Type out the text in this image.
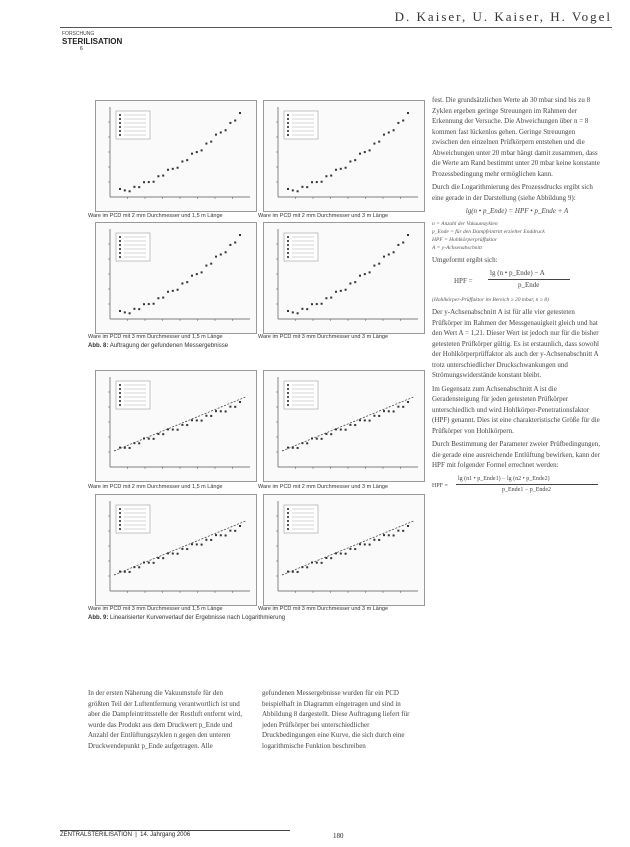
D. Kaiser, U. Kaiser, H. Vogel
FORSCHUNG
STERILISATION
6
Ware im PCD mit 2 mm Durchmesser und 1,5 m Länge	Ware im PCD mit 2 mm Durchmesser und 3 m Länge
Ware im PCD mit 3 mm Durchmesser und 1,5 m Länge	Ware im PCD mit 3 mm Durchmesser und 3 m Länge
Abb. 8: Auftragung der gefundenen Messergebnisse
Ware im PCD mit 2 mm Durchmesser und 1,5 m Länge	Ware im PCD mit 2 mm Durchmesser und 3 m Länge
Ware im PCD mit 3 mm Durchmesser und 1,5 m Länge	Ware im PCD mit 3 mm Durchmesser und 3 m Länge
Abb. 9: Linearisierter Kurvenverlauf der Ergebnisse nach Logarithmierung

fest. Die grundsätzlichen Werte ab 30 mbar sind bis zu 8 Zyklen ergeben geringe Streuungen im Rahmen der Erkennung der Versuche. Die Abweichungen über n = 8 kommen fast lückenlos gehen. Geringe Streuungen zwischen den einzelnen Prüfkörpern entstehen und die Abweichungen unter 20 mbar hängt damit zusammen, dass die Werte am Rand bestimmt unter 20 mbar keine konstante Prozessbedingung mehr ermöglichen kann.

Durch die Logarithmierung des Prozessdrucks ergibt sich eine gerade in der Darstellung (siehe Abbildung 9):

lg(n • p_Ende) = HPF • p_Ende + A

n = Anzahl der Vakuumzyklen
p_Ende = für den Dampfeintritt erzielter Enddruck
HPF = Hohlkörperprüffaktor
A = y-Achsenabschnitt

Umgeformt ergibt sich:

HPF =
lg (n • p_Ende) − A
p_Ende

(Hohlkörper-Prüffaktor im Bereich ≥ 20 mbar, n ≥ 8)

Der y-Achsenabschnitt A ist für alle vier getesteten Prüfkörper im Rahmen der Messgenauigkeit gleich und hat den Wert A = 1,21. Dieser Wert ist jedoch nur für die bisher getesteten Prüfkörper gültig. Es ist erstaunlich, dass sowohl der Hohlkörperprüffaktor als auch der y-Achsenabschnitt A trotz unterschiedlicher Druckschwankungen und Strömungswiderstände konstant bleibt.

Im Gegensatz zum Achsenabschnitt A ist die Geradensteigung für jeden getesteten Prüfkörper unterschiedlich und wird Hohlkörper-Penetrationsfaktor (HPF) genannt. Dies ist eine charakteristische Größe für die Prüfkörper von Hohlkörpern.

Durch Bestimmung der Parameter zweier Prüfbedingungen, die gerade eine ausreichende Entlüftung bewirken, kann der HPF mit folgender Formel errechnet werden:

HPF =
lg (n1 • p_Ende1) − lg (n2 • p_Ende2)
p_Ende1 − p_Ende2

In der ersten Näherung die Vakuumstufe für den größten Teil der Luftentfernung verantwortlich ist und aber die Dampfeintrittsstelle der Restluft entfernt wird, wurde das Produkt aus dem Druckwert p_Ende und Anzahl der Entlüftungszyklen n gegen den unteren Druckwendepunkt p_Ende aufgetragen. Alle

gefundenen Messergebnisse wurden für ein PCD beispielhaft in Diagramm eingetragen und sind in Abbildung 8 dargestellt. Diese Auftragung liefert für jeden Prüfkörper bei unterschiedlicher Druckbedingungen eine Kurve, die sich durch eine logarithmische Funktion beschreiben

ZENTRALSTERILISATION  |  14. Jahrgang 2006	180
